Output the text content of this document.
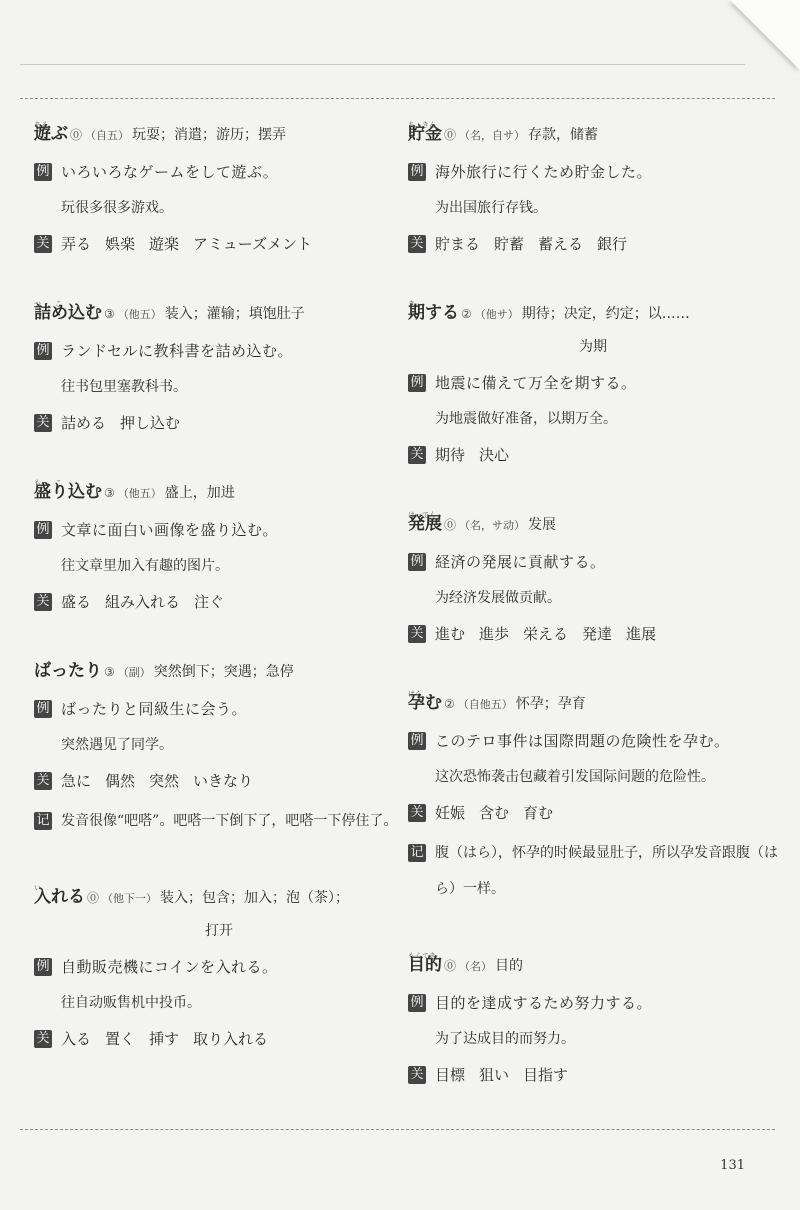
あそ 遊ぶ ⓪ （自五） 玩耍；消遣；游历；摆弄
例 いろいろなゲームをして遊ぶ。
玩很多很多游戏。
关 弄る 娯楽 遊楽 アミューズメント
つ　　こ 詰め込む ③ （他五） 装入；灌输；填饱肚子
例 ランドセルに教科書を詰め込む。
往书包里塞教科书。
关 詰める 押し込む
も　　こ 盛り込む ③ （他五） 盛上，加进
例 文章に面白い画像を盛り込む。
往文章里加入有趣的图片。
关 盛る 組み入れる 注ぐ
ばったり ③ （副） 突然倒下；突遇；急停
例 ばったりと同級生に会う。
突然遇见了同学。
关 急に 偶然 突然 いきなり
记 发音很像“吧嗒”。吧嗒一下倒下了，吧嗒一下停住了。
い 入れる ⓪ （他下一） 装入；包含；加入；泡（茶）；
打开
例 自動販売機にコインを入れる。
往自动贩售机中投币。
关 入る 置く 挿す 取り入れる
ちょきん 貯金 ⓪ （名，自サ） 存款，储蓄
例 海外旅行に行くため貯金した。
为出国旅行存钱。
关 貯まる 貯蓄 蓄える 銀行
き 期する ② （他サ） 期待；决定，约定；以……
为期
例 地震に備えて万全を期する。
为地震做好准备，以期万全。
关 期待 決心
はってん 発展 ⓪ （名，サ动） 发展
例 経済の発展に貢献する。
为经济发展做贡献。
关 進む 進歩 栄える 発達 進展
はら 孕む ② （自他五） 怀孕；孕育
例 このテロ事件は国際問題の危険性を孕む。
这次恐怖袭击包藏着引发国际问题的危险性。
关 妊娠 含む 育む
记 腹（はら），怀孕的时候最显肚子，所以孕发音跟腹（はら）一样。
もくてき 目的 ⓪ （名） 目的
例 目的を達成するため努力する。
为了达成目的而努力。
关 目標 狙い 目指す
131
